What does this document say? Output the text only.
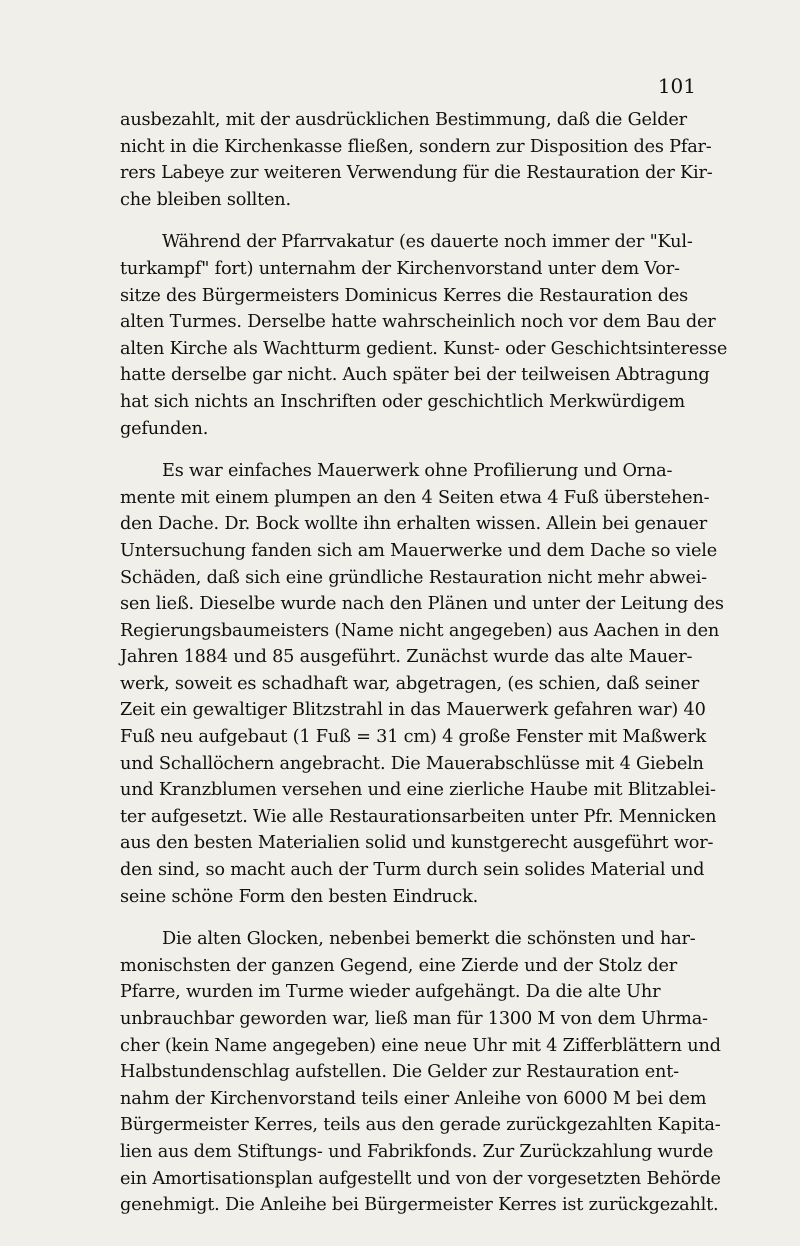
101
ausbezahlt, mit der ausdrücklichen Bestimmung, daß die Gelder
nicht in die Kirchenkasse fließen, sondern zur Disposition des Pfar-
rers Labeye zur weiteren Verwendung für die Restauration der Kir-
che bleiben sollten.
Während der Pfarrvakatur (es dauerte noch immer der "Kul-
turkampf" fort) unternahm der Kirchenvorstand unter dem Vor-
sitze des Bürgermeisters Dominicus Kerres die Restauration des
alten Turmes. Derselbe hatte wahrscheinlich noch vor dem Bau der
alten Kirche als Wachtturm gedient. Kunst- oder Geschichtsinteresse
hatte derselbe gar nicht. Auch später bei der teilweisen Abtragung
hat sich nichts an Inschriften oder geschichtlich Merkwürdigem
gefunden.
Es war einfaches Mauerwerk ohne Profilierung und Orna-
mente mit einem plumpen an den 4 Seiten etwa 4 Fuß überstehen-
den Dache. Dr. Bock wollte ihn erhalten wissen. Allein bei genauer
Untersuchung fanden sich am Mauerwerke und dem Dache so viele
Schäden, daß sich eine gründliche Restauration nicht mehr abwei-
sen ließ. Dieselbe wurde nach den Plänen und unter der Leitung des
Regierungsbaumeisters (Name nicht angegeben) aus Aachen in den
Jahren 1884 und 85 ausgeführt. Zunächst wurde das alte Mauer-
werk, soweit es schadhaft war, abgetragen, (es schien, daß seiner
Zeit ein gewaltiger Blitzstrahl in das Mauerwerk gefahren war) 40
Fuß neu aufgebaut (1 Fuß = 31 cm) 4 große Fenster mit Maßwerk
und Schallöchern angebracht. Die Mauerabschlüsse mit 4 Giebeln
und Kranzblumen versehen und eine zierliche Haube mit Blitzablei-
ter aufgesetzt. Wie alle Restaurationsarbeiten unter Pfr. Mennicken
aus den besten Materialien solid und kunstgerecht ausgeführt wor-
den sind, so macht auch der Turm durch sein solides Material und
seine schöne Form den besten Eindruck.
Die alten Glocken, nebenbei bemerkt die schönsten und har-
monischsten der ganzen Gegend, eine Zierde und der Stolz der
Pfarre, wurden im Turme wieder aufgehängt. Da die alte Uhr
unbrauchbar geworden war, ließ man für 1300 M von dem Uhrma-
cher (kein Name angegeben) eine neue Uhr mit 4 Zifferblättern und
Halbstundenschlag aufstellen. Die Gelder zur Restauration ent-
nahm der Kirchenvorstand teils einer Anleihe von 6000 M bei dem
Bürgermeister Kerres, teils aus den gerade zurückgezahlten Kapita-
lien aus dem Stiftungs- und Fabrikfonds. Zur Zurückzahlung wurde
ein Amortisationsplan aufgestellt und von der vorgesetzten Behörde
genehmigt. Die Anleihe bei Bürgermeister Kerres ist zurückgezahlt.
